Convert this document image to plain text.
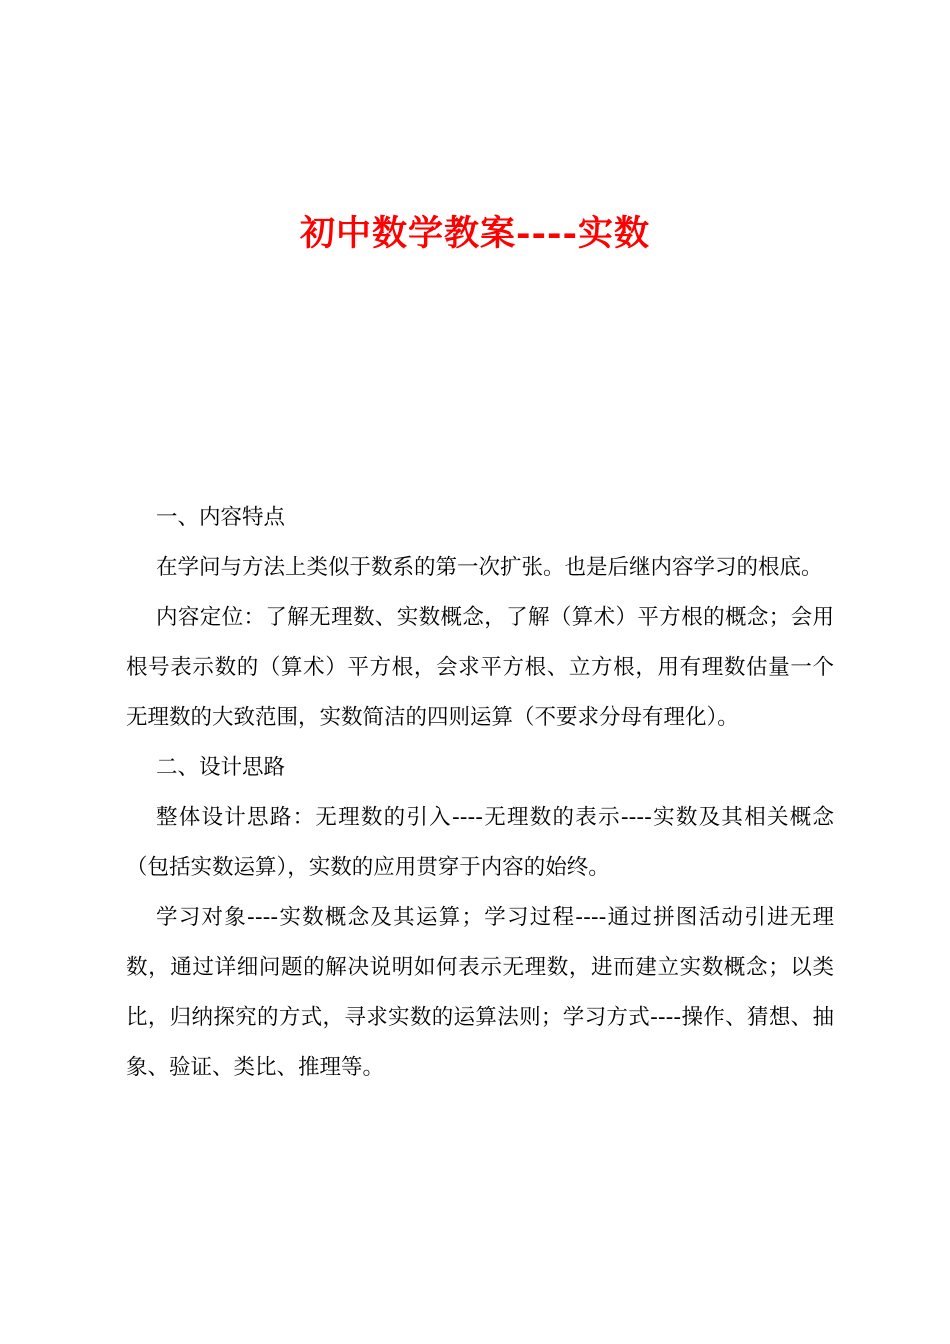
初中数学教案----实数

一、内容特点

在学问与方法上类似于数系的第一次扩张。也是后继内容学习的根底。

内容定位：了解无理数、实数概念，了解（算术）平方根的概念；会用根号表示数的（算术）平方根，会求平方根、立方根，用有理数估量一个无理数的大致范围，实数简洁的四则运算（不要求分母有理化）。

二、设计思路

整体设计思路：无理数的引入----无理数的表示----实数及其相关概念（包括实数运算），实数的应用贯穿于内容的始终。

学习对象----实数概念及其运算；学习过程----通过拼图活动引进无理数，通过详细问题的解决说明如何表示无理数，进而建立实数概念；以类比，归纳探究的方式，寻求实数的运算法则；学习方式----操作、猜想、抽象、验证、类比、推理等。
